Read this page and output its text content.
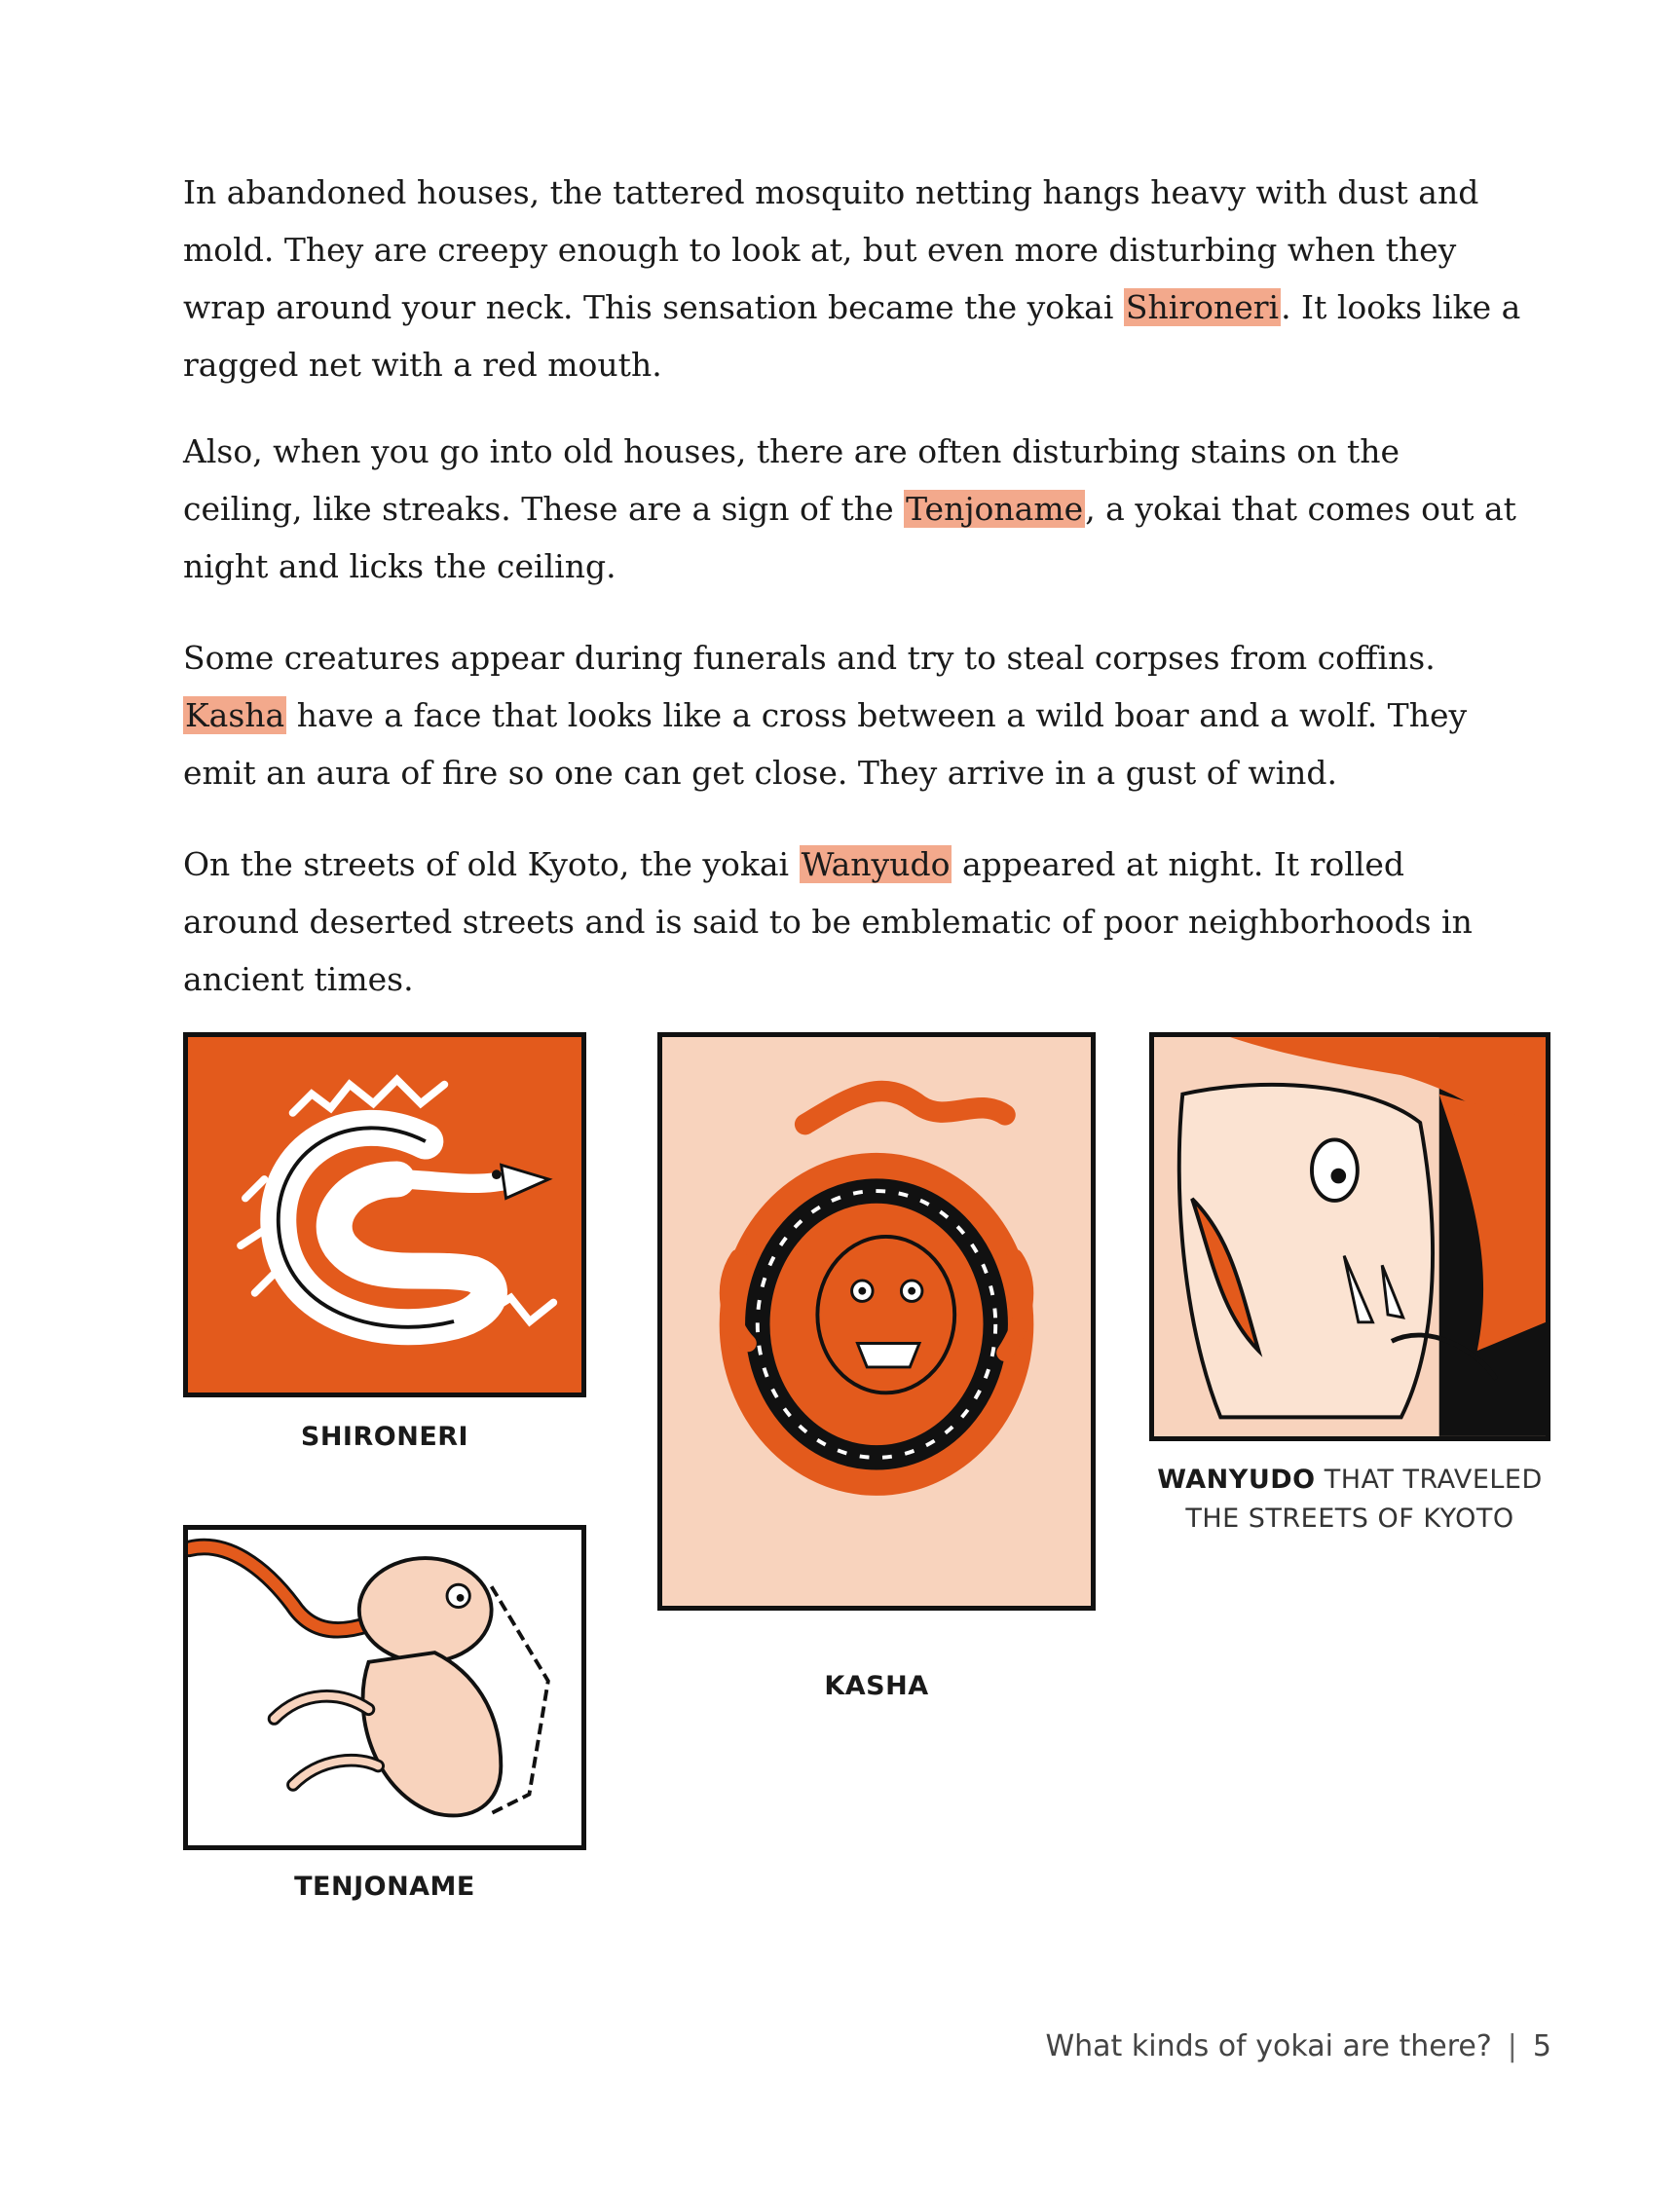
In abandoned houses, the tattered mosquito netting hangs heavy with dust and mold. They are creepy enough to look at, but even more disturbing when they wrap around your neck. This sensation became the yokai Shironeri. It looks like a ragged net with a red mouth.

Also, when you go into old houses, there are often disturbing stains on the ceiling, like streaks. These are a sign of the Tenjoname, a yokai that comes out at night and licks the ceiling.

Some creatures appear during funerals and try to steal corpses from coffins. Kasha have a face that looks like a cross between a wild boar and a wolf. They emit an aura of fire so one can get close. They arrive in a gust of wind.

On the streets of old Kyoto, the yokai Wanyudo appeared at night. It rolled around deserted streets and is said to be emblematic of poor neighborhoods in ancient times.

SHIRONERI
KASHA
WANYUDO THAT TRAVELED THE STREETS OF KYOTO
TENJONAME
What kinds of yokai are there? | 5
